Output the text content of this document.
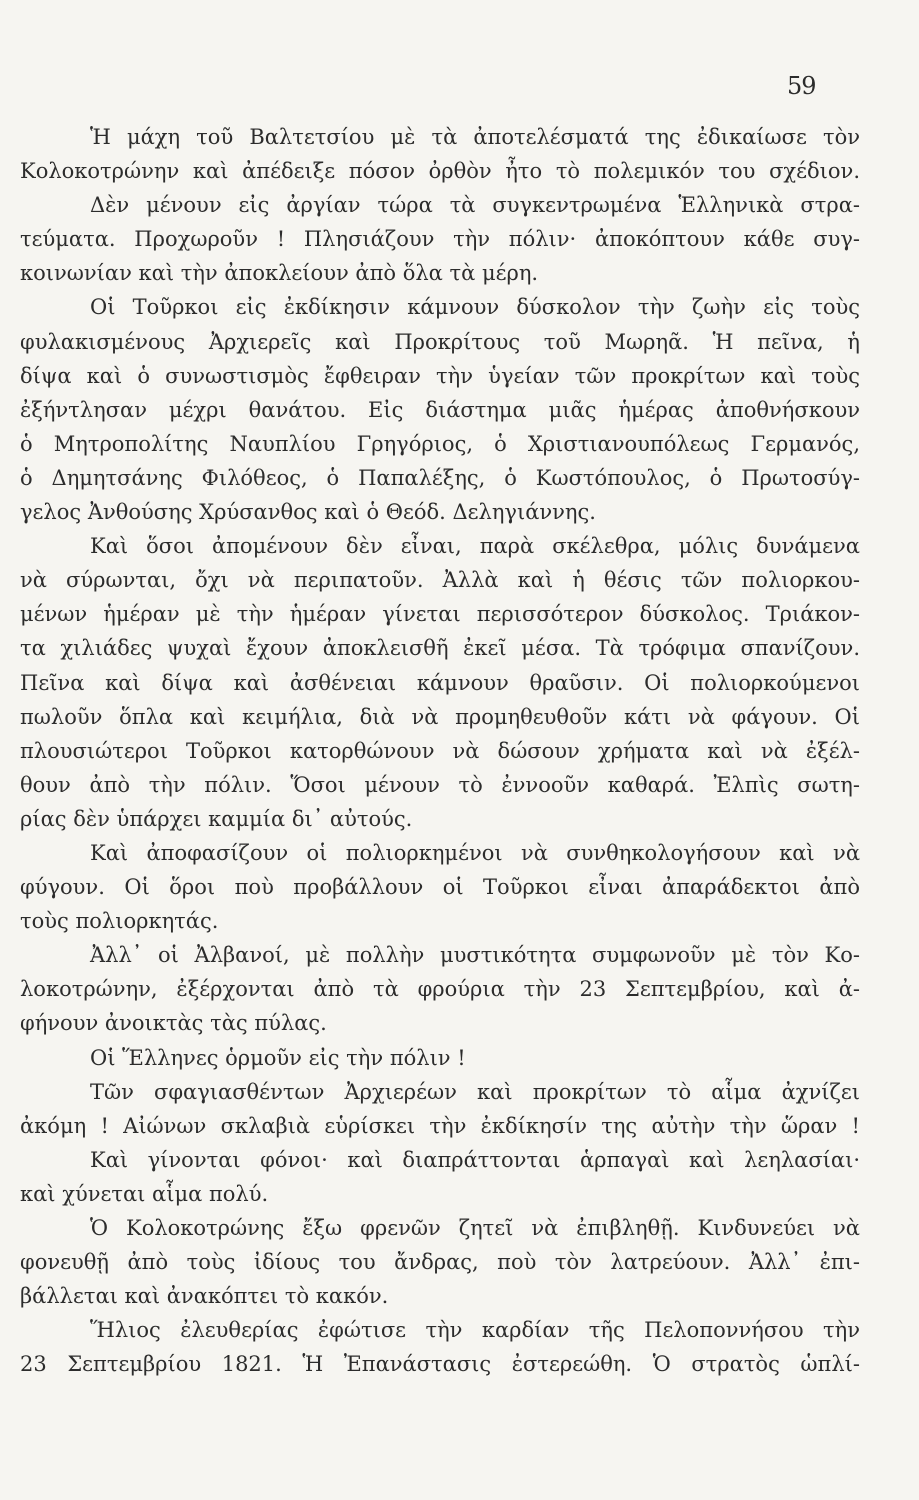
59
Ἡ μάχη τοῦ Βαλτετσίου μὲ τὰ ἀποτελέσματά της ἐδικαίωσε τὸν
Κολοκοτρώνην καὶ ἀπέδειξε πόσον ὀρθὸν ἦτο τὸ πολεμικόν του σχέδιον.
Δὲν μένουν εἰς ἀργίαν τώρα τὰ συγκεντρωμένα Ἑλληνικὰ στρα-
τεύματα. Προχωροῦν ! Πλησιάζουν τὴν πόλιν· ἀποκόπτουν κάθε συγ-
κοινωνίαν καὶ τὴν ἀποκλείουν ἀπὸ ὅλα τὰ μέρη.
Οἱ Τοῦρκοι εἰς ἐκδίκησιν κάμνουν δύσκολον τὴν ζωὴν εἰς τοὺς
φυλακισμένους Ἀρχιερεῖς καὶ Προκρίτους τοῦ Μωρηᾶ. Ἡ πεῖνα, ἡ
δίψα καὶ ὁ συνωστισμὸς ἔφθειραν τὴν ὑγείαν τῶν προκρίτων καὶ τοὺς
ἐξήντλησαν μέχρι θανάτου. Εἰς διάστημα μιᾶς ἡμέρας ἀποθνήσκουν
ὁ Μητροπολίτης Ναυπλίου Γρηγόριος, ὁ Χριστιανουπόλεως Γερμανός,
ὁ Δημητσάνης Φιλόθεος, ὁ Παπαλέξης, ὁ Κωστόπουλος, ὁ Πρωτοσύγ-
γελος Ἀνθούσης Χρύσανθος καὶ ὁ Θεόδ. Δεληγιάννης.
Καὶ ὅσοι ἀπομένουν δὲν εἶναι, παρὰ σκέλεθρα, μόλις δυνάμενα
νὰ σύρωνται, ὄχι νὰ περιπατοῦν. Ἀλλὰ καὶ ἡ θέσις τῶν πολιορκου-
μένων ἡμέραν μὲ τὴν ἡμέραν γίνεται περισσότερον δύσκολος. Τριάκον-
τα χιλιάδες ψυχαὶ ἔχουν ἀποκλεισθῆ ἐκεῖ μέσα. Τὰ τρόφιμα σπανίζουν.
Πεῖνα καὶ δίψα καὶ ἀσθένειαι κάμνουν θραῦσιν. Οἱ πολιορκούμενοι
πωλοῦν ὅπλα καὶ κειμήλια, διὰ νὰ προμηθευθοῦν κάτι νὰ φάγουν. Οἱ
πλουσιώτεροι Τοῦρκοι κατορθώνουν νὰ δώσουν χρήματα καὶ νὰ ἐξέλ-
θουν ἀπὸ τὴν πόλιν. Ὅσοι μένουν τὸ ἐννοοῦν καθαρά. Ἐλπὶς σωτη-
ρίας δὲν ὑπάρχει καμμία δι᾽ αὐτούς.
Καὶ ἀποφασίζουν οἱ πολιορκημένοι νὰ συνθηκολογήσουν καὶ νὰ
φύγουν. Οἱ ὅροι ποὺ προβάλλουν οἱ Τοῦρκοι εἶναι ἀπαράδεκτοι ἀπὸ
τοὺς πολιορκητάς.
Ἀλλ᾽ οἱ Ἀλβανοί, μὲ πολλὴν μυστικότητα συμφωνοῦν μὲ τὸν Κο-
λοκοτρώνην, ἐξέρχονται ἀπὸ τὰ φρούρια τὴν 23 Σεπτεμβρίου, καὶ ἀ-
φήνουν ἀνοικτὰς τὰς πύλας.
Οἱ Ἕλληνες ὁρμοῦν εἰς τὴν πόλιν !
Τῶν σφαγιασθέντων Ἀρχιερέων καὶ προκρίτων τὸ αἷμα ἀχνίζει
ἀκόμη ! Αἰώνων σκλαβιὰ εὑρίσκει τὴν ἐκδίκησίν της αὐτὴν τὴν ὥραν !
Καὶ γίνονται φόνοι· καὶ διαπράττονται ἁρπαγαὶ καὶ λεηλασίαι·
καὶ χύνεται αἷμα πολύ.
Ὁ Κολοκοτρώνης ἔξω φρενῶν ζητεῖ νὰ ἐπιβληθῇ. Κινδυνεύει νὰ
φονευθῇ ἀπὸ τοὺς ἰδίους του ἄνδρας, ποὺ τὸν λατρεύουν. Ἀλλ᾽ ἐπι-
βάλλεται καὶ ἀνακόπτει τὸ κακόν.
Ἥλιος ἐλευθερίας ἐφώτισε τὴν καρδίαν τῆς Πελοποννήσου τὴν
23 Σεπτεμβρίου 1821. Ἡ Ἐπανάστασις ἐστερεώθη. Ὁ στρατὸς ὡπλί-
